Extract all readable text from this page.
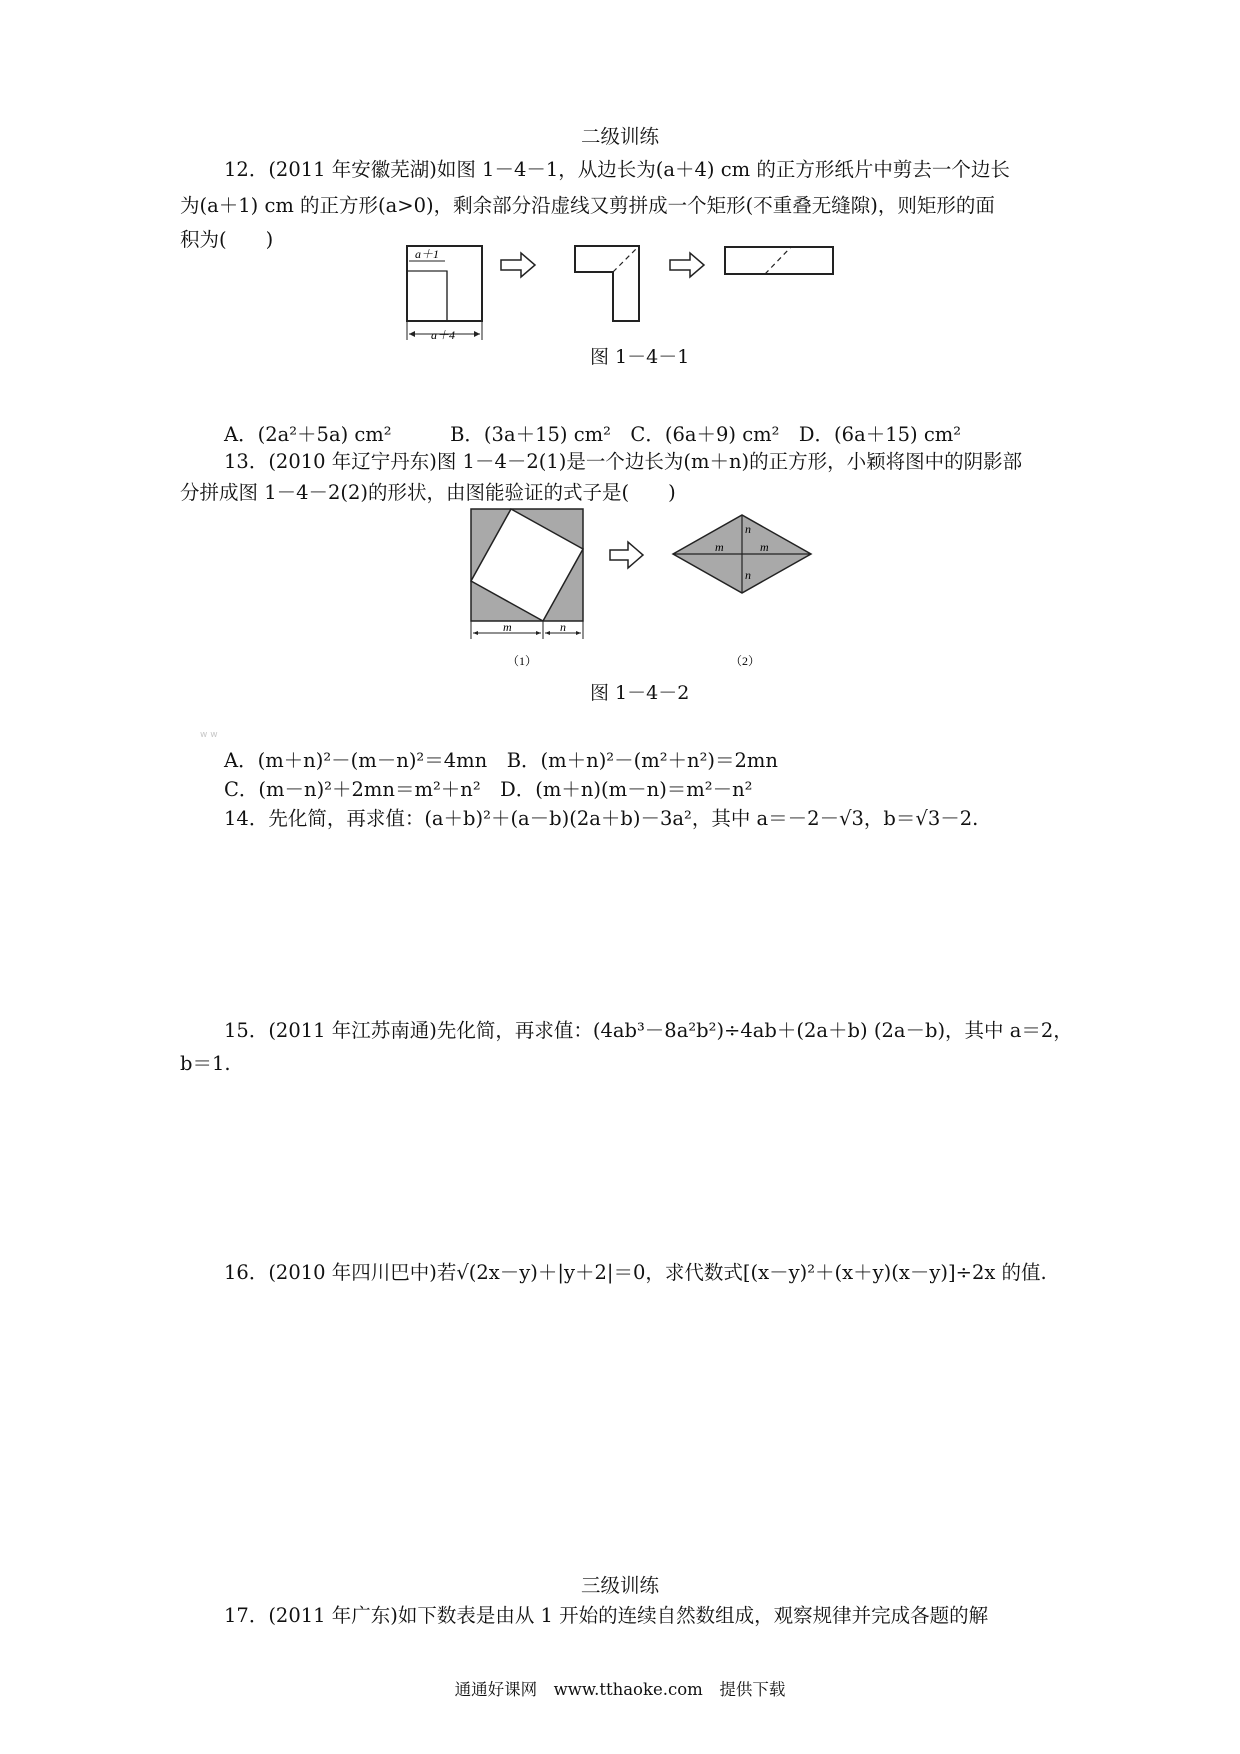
二级训练
12．(2011 年安徽芜湖)如图 1－4－1，从边长为(a＋4) cm 的正方形纸片中剪去一个边长
为(a＋1) cm 的正方形(a>0)，剩余部分沿虚线又剪拼成一个矩形(不重叠无缝隙)，则矩形的面
积为(　　)
a＋1
a＋4
图 1－4－1
A．(2a²＋5a) cm²　　　B．(3a＋15) cm²　C．(6a＋9) cm²　D．(6a＋15) cm²
13．(2010 年辽宁丹东)图 1－4－2(1)是一个边长为(m＋n)的正方形，小颖将图中的阴影部
分拼成图 1－4－2(2)的形状，由图能验证的式子是(　　)
m	n
（1）
m	m
n
n
（2）
图 1－4－2
w w
A．(m＋n)²－(m－n)²＝4mn　B．(m＋n)²－(m²＋n²)＝2mn
C．(m－n)²＋2mn＝m²＋n²　D．(m＋n)(m－n)＝m²－n²
14．先化简，再求值：(a＋b)²＋(a－b)(2a＋b)－3a²，其中 a＝－2－√3，b＝√3－2.
15．(2011 年江苏南通)先化简，再求值：(4ab³－8a²b²)÷4ab＋(2a＋b) (2a－b)，其中 a＝2，
b＝1.
16．(2010 年四川巴中)若√(2x－y)＋|y＋2|＝0，求代数式[(x－y)²＋(x＋y)(x－y)]÷2x 的值.
三级训练
17．(2011 年广东)如下数表是由从 1 开始的连续自然数组成，观察规律并完成各题的解
通通好课网　www.tthaoke.com　提供下载
